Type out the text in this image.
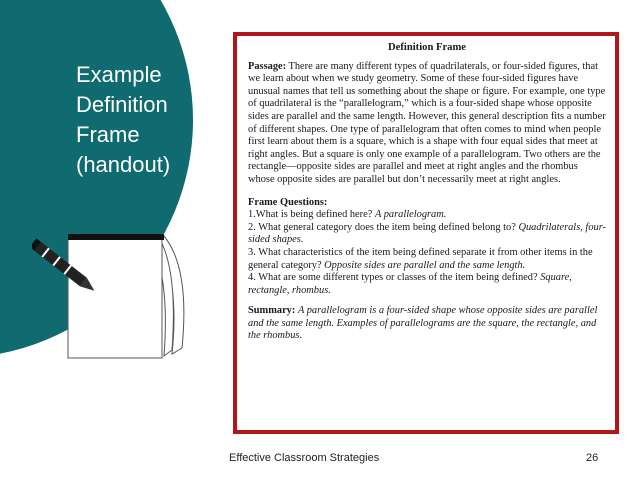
Example
Definition
Frame
(handout)
Definition Frame

Passage: There are many different types of quadrilaterals, or four-sided figures, that we learn about when we study geometry. Some of these four-sided figures have unusual names that tell us something about the shape or figure. For example, one type of quadrilateral is the “parallelogram,” which is a four-sided shape whose opposite sides are parallel and the same length. However, this general description fits a number of different shapes. One type of parallelogram that often comes to mind when people first learn about them is a square, which is a shape with four equal sides that meet at right angles. But a square is only one example of a parallelogram. Two others are the rectangle—opposite sides are parallel and meet at right angles and the rhombus whose opposite sides are parallel but don’t necessarily meet at right angles.

Frame Questions:

1.What is being defined here? A parallelogram.

2. What general category does the item being defined belong to? Quadrilaterals, four-sided shapes.

3. What characteristics of the item being defined separate it from other items in the general category? Opposite sides are parallel and the same length.

4. What are some different types or classes of the item being defined? Square, rectangle, rhombus.

Summary: A parallelogram is a four-sided shape whose opposite sides are parallel and the same length. Examples of parallelograms are the square, the rectangle, and the rhombus.

Effective Classroom Strategies	26
